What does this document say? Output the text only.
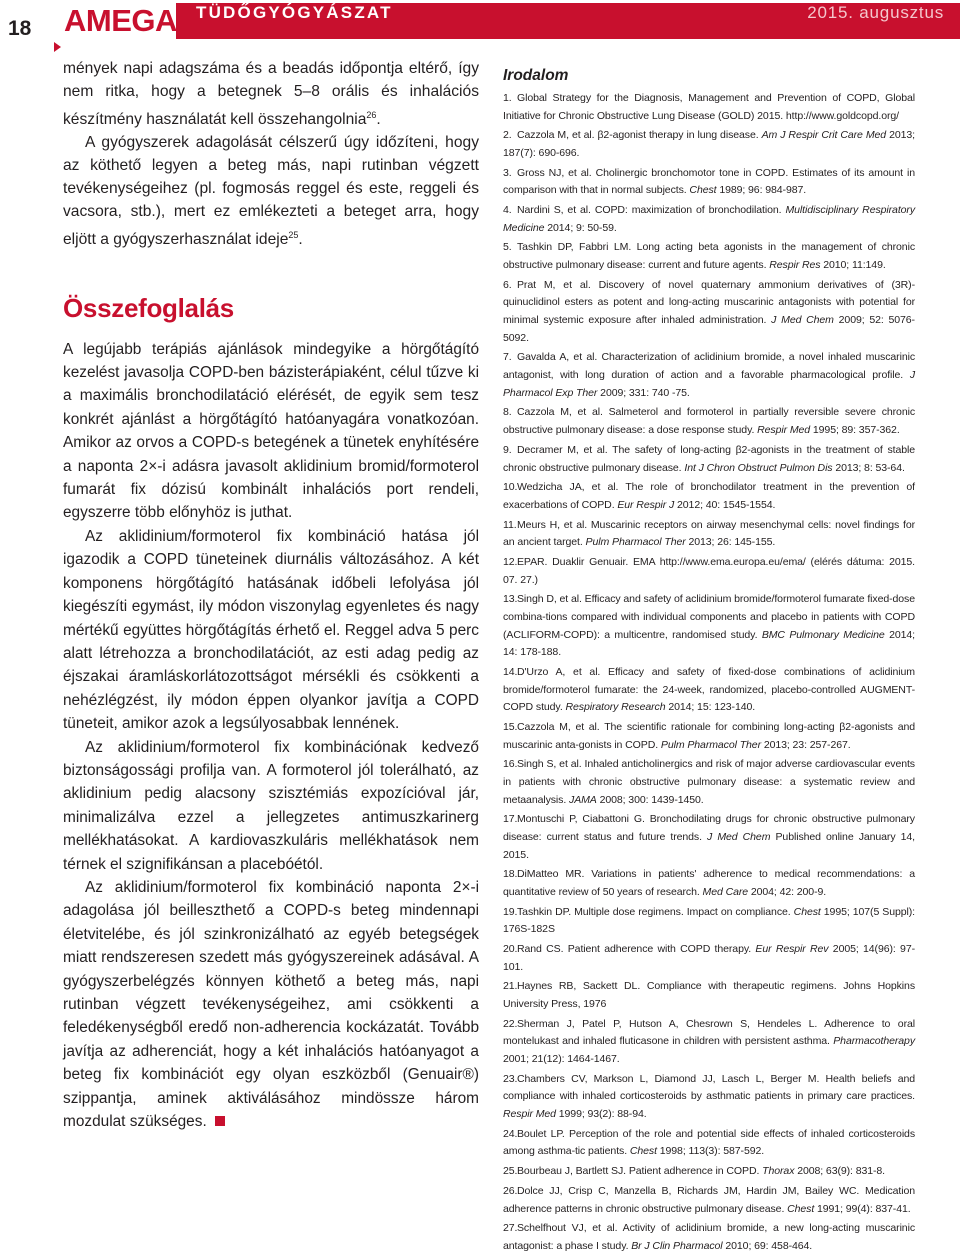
18	AMEGA TÜDŐGYÓGYÁSZAT	2015. augusztus

mények napi adagszáma és a beadás időpontja eltérő, így nem ritka, hogy a betegnek 5–8 orális és inhalációs készítmény használatát kell összehangolnia$^{26}$.

A gyógyszerek adagolását célszerű úgy időzíteni, hogy az köthető legyen a beteg más, napi rutinban végzett tevékenységeihez (pl. fogmosás reggel és este, reggeli és vacsora, stb.), mert ez emlékezteti a beteget arra, hogy eljött a gyógyszerhasználat ideje$^{25}$.

Összefoglalás

A legújabb terápiás ajánlások mindegyike a hörgőtágító kezelést javasolja COPD-ben bázisterápiaként, célul tűzve ki a maximális bronchodilatáció elérését, de egyik sem tesz konkrét ajánlást a hörgőtágító hatóanyagára vonatkozóan. Amikor az orvos a COPD-s betegének a tünetek enyhítésére a naponta 2×-i adásra javasolt aklidinium bromid/formoterol fumarát fix dózisú kombinált inhalációs port rendeli, egyszerre több előnyhöz is juthat.

Az aklidinium/formoterol fix kombináció hatása jól igazodik a COPD tüneteinek diurnális változásához. A két komponens hörgőtágító hatásának időbeli lefolyása jól kiegészíti egymást, ily módon viszonylag egyenletes és nagy mértékű együttes hörgőtágítás érhető el. Reggel adva 5 perc alatt létrehozza a bronchodilatációt, az esti adag pedig az éjszakai áramláskorlátozottságot mérsékli és csökkenti a nehézlégzést, ily módon éppen olyankor javítja a COPD tüneteit, amikor azok a legsúlyosabbak lennének.

Az aklidinium/formoterol fix kombinációnak kedvező biztonságossági profilja van. A formoterol jól tolerálható, az aklidinium pedig alacsony szisztémiás expozícióval jár, minimalizálva ezzel a jellegzetes antimuszkarinerg mellékhatásokat. A kardiovaszkuláris mellékhatások nem térnek el szignifikánsan a placebóétól.

Az aklidinium/formoterol fix kombináció naponta 2×-i adagolása jól beilleszthető a COPD-s beteg mindennapi életvitelébe, és jól szinkronizálható az egyéb betegségek miatt rendszeresen szedett más gyógyszereinek adásával. A gyógyszerbelégzés könnyen köthető a beteg más, napi rutinban végzett tevékenységeihez, ami csökkenti a feledékenységből eredő non-adherencia kockázatát. Tovább javítja az adherenciát, hogy a két inhalációs hatóanyagot a beteg fix kombinációt egy olyan eszközből (Genuair®) szippantja, aminek aktiválásához mindössze három mozdulat szükséges.

Irodalom
1. Global Strategy for the Diagnosis, Management and Prevention of COPD, Global Initiative for Chronic Obstructive Lung Disease (GOLD) 2015. http://www.goldcopd.org/
2. Cazzola M, et al. β2-agonist therapy in lung disease. Am J Respir Crit Care Med 2013; 187(7): 690-696.
3. Gross NJ, et al. Cholinergic bronchomotor tone in COPD. Estimates of its amount in comparison with that in normal subjects. Chest 1989; 96: 984-987.
4. Nardini S, et al. COPD: maximization of bronchodilation. Multidisciplinary Respiratory Medicine 2014; 9: 50-59.
5. Tashkin DP, Fabbri LM. Long acting beta agonists in the management of chronic obstructive pulmonary disease: current and future agents. Respir Res 2010; 11:149.
6. Prat M, et al. Discovery of novel quaternary ammonium derivatives of (3R)-quinuclidinol esters as potent and long-acting muscarinic antagonists with potential for minimal systemic exposure after inhaled administration. J Med Chem 2009; 52: 5076-5092.
7. Gavalda A, et al. Characterization of aclidinium bromide, a novel inhaled muscarinic antagonist, with long duration of action and a favorable pharmacological profile. J Pharmacol Exp Ther 2009; 331: 740 -75.
8. Cazzola M, et al. Salmeterol and formoterol in partially reversible severe chronic obstructive pulmonary disease: a dose response study. Respir Med 1995; 89: 357-362.
9. Decramer M, et al. The safety of long-acting β2-agonists in the treatment of stable chronic obstructive pulmonary disease. Int J Chron Obstruct Pulmon Dis 2013; 8: 53-64.
10.Wedzicha JA, et al. The role of bronchodilator treatment in the prevention of exacerbations of COPD. Eur Respir J 2012; 40: 1545-1554.
11.Meurs H, et al. Muscarinic receptors on airway mesenchymal cells: novel findings for an ancient target. Pulm Pharmacol Ther 2013; 26: 145-155.
12.EPAR. Duaklir Genuair. EMA http://www.ema.europa.eu/ema/ (elérés dátuma: 2015. 07. 27.)
13.Singh D, et al. Efficacy and safety of aclidinium bromide/formoterol fumarate fixed-dose combina-tions compared with individual components and placebo in patients with COPD (ACLIFORM-COPD): a multicentre, randomised study. BMC Pulmonary Medicine 2014; 14: 178-188.
14.D'Urzo A, et al. Efficacy and safety of fixed-dose combinations of aclidinium bromide/formoterol fumarate: the 24-week, randomized, placebo-controlled AUGMENT-COPD study. Respiratory Research 2014; 15: 123-140.
15.Cazzola M, et al. The scientific rationale for combining long-acting β2-agonists and muscarinic anta-gonists in COPD. Pulm Pharmacol Ther 2013; 23: 257-267.
16.Singh S, et al. Inhaled anticholinergics and risk of major adverse cardiovascular events in patients with chronic obstructive pulmonary disease: a systematic review and metaanalysis. JAMA 2008; 300: 1439-1450.
17.Montuschi P, Ciabattoni G. Bronchodilating drugs for chronic obstructive pulmonary disease: current status and future trends. J Med Chem Published online January 14, 2015.
18.DiMatteo MR. Variations in patients' adherence to medical recommendations: a quantitative review of 50 years of research. Med Care 2004; 42: 200-9.
19.Tashkin DP. Multiple dose regimens. Impact on compliance. Chest 1995; 107(5 Suppl): 176S-182S
20.Rand CS. Patient adherence with COPD therapy. Eur Respir Rev 2005; 14(96): 97-101.
21.Haynes RB, Sackett DL. Compliance with therapeutic regimens. Johns Hopkins University Press, 1976
22.Sherman J, Patel P, Hutson A, Chesrown S, Hendeles L. Adherence to oral montelukast and inhaled fluticasone in children with persistent asthma. Pharmacotherapy 2001; 21(12): 1464-1467.
23.Chambers CV, Markson L, Diamond JJ, Lasch L, Berger M. Health beliefs and compliance with inhaled corticosteroids by asthmatic patients in primary care practices. Respir Med 1999; 93(2): 88-94.
24.Boulet LP. Perception of the role and potential side effects of inhaled corticosteroids among asthma-tic patients. Chest 1998; 113(3): 587-592.
25.Bourbeau J, Bartlett SJ. Patient adherence in COPD. Thorax 2008; 63(9): 831-8.
26.Dolce JJ, Crisp C, Manzella B, Richards JM, Hardin JM, Bailey WC. Medication adherence patterns in chronic obstructive pulmonary disease. Chest 1991; 99(4): 837-41.
27.Schelfhout VJ, et al. Activity of aclidinium bromide, a new long-acting muscarinic antagonist: a phase I study. Br J Clin Pharmacol 2010; 69: 458-464.
